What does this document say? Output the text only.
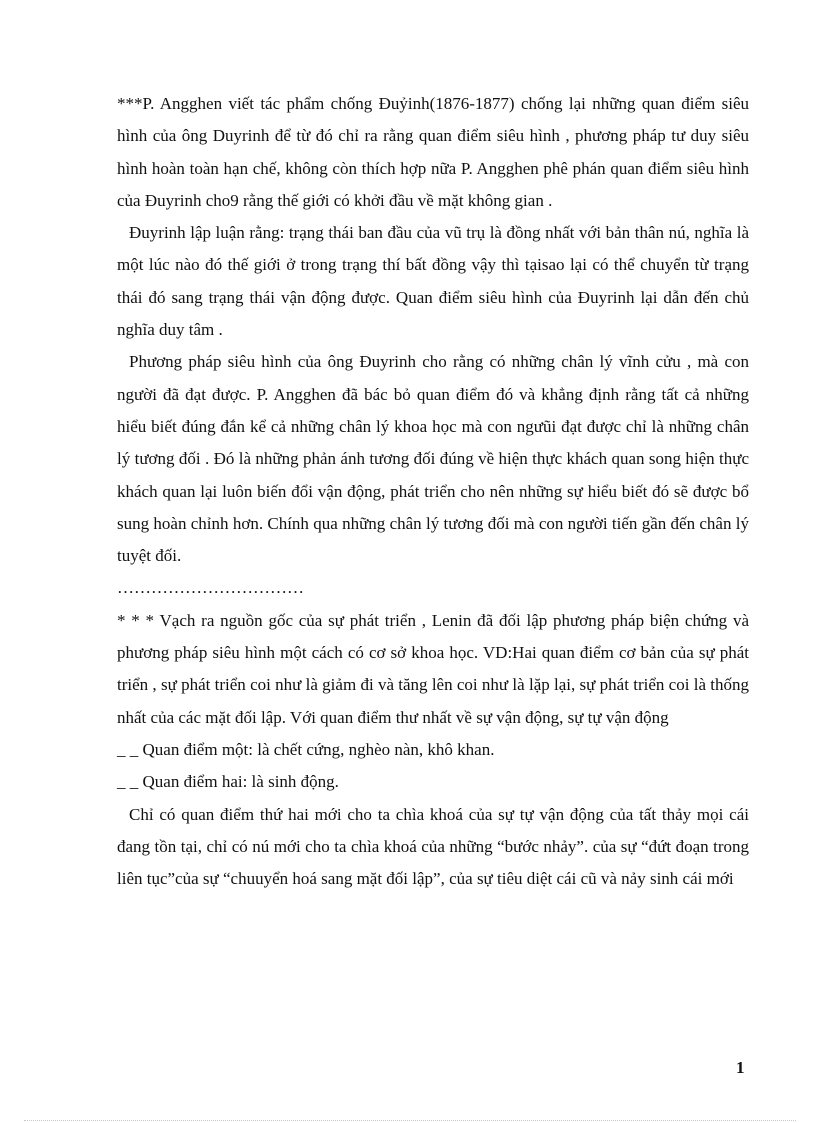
***P. Angghen viết tác phẩm chống Đuỷinh(1876-1877) chống lại những quan điểm siêu hình của ông Duyrinh để từ đó chỉ ra rằng quan điểm siêu hình , phương pháp tư duy siêu hình hoàn toàn hạn chế, không còn thích hợp nữa P. Angghen phê phán quan điểm siêu hình của Đuyrinh cho9 rằng thế giới có khởi đầu về mặt không gian .

Đuyrinh lập luận rằng: trạng thái ban đầu của vũ trụ là đồng nhất với bản thân nú, nghĩa là một lúc nào đó thế giới ở trong trạng thí bất đồng vậy thì tạisao lại có thể chuyển từ trạng thái đó sang trạng thái vận động được. Quan điểm siêu hình của Đuyrinh lại dẫn đến chủ nghĩa duy tâm .

Phương pháp siêu hình của ông Đuyrinh cho rằng có những chân lý vĩnh cửu , mà con người đã đạt được. P. Angghen đã bác bỏ quan điểm đó và khẳng định rằng tất cả những hiểu biết đúng đắn kể cả những chân lý khoa học mà con ngưũi đạt được chỉ là những chân lý tương đối . Đó là những phản ánh tương đối đúng về hiện thực khách quan song hiện thực khách quan lại luôn biến đổi vận động, phát triển cho nên những sự hiểu biết đó sẽ được bổ sung hoàn chỉnh hơn. Chính qua những chân lý tương đối mà con người tiến gần đến chân lý tuyệt đối.

……………………………

* * * Vạch ra nguồn gốc của sự phát triển , Lenin đã đối lập phương pháp biện chứng và phương pháp siêu hình một cách có cơ sở khoa học. VD:Hai quan điểm cơ bản của sự phát triển , sự phát triển coi như là giảm đi và tăng lên coi như là lặp lại, sự phát triển coi là thống nhất của các mặt đối lập. Với quan điểm thư nhất về sự vận động, sự tự vận động

_ _ Quan điểm một: là chết cứng, nghèo nàn, khô khan.

_ _ Quan điểm hai: là sinh động.

Chỉ có quan điểm thứ hai mới cho ta chìa khoá của sự tự vận động của tất thảy mọi cái đang tồn tại, chỉ có nú mới cho ta chìa khoá của những “bước nhảy”. của sự “đứt đoạn trong liên tục”của sự “chuuyển hoá sang mặt đối lập”, của sự tiêu diệt cái cũ và nảy sinh cái mới

1
